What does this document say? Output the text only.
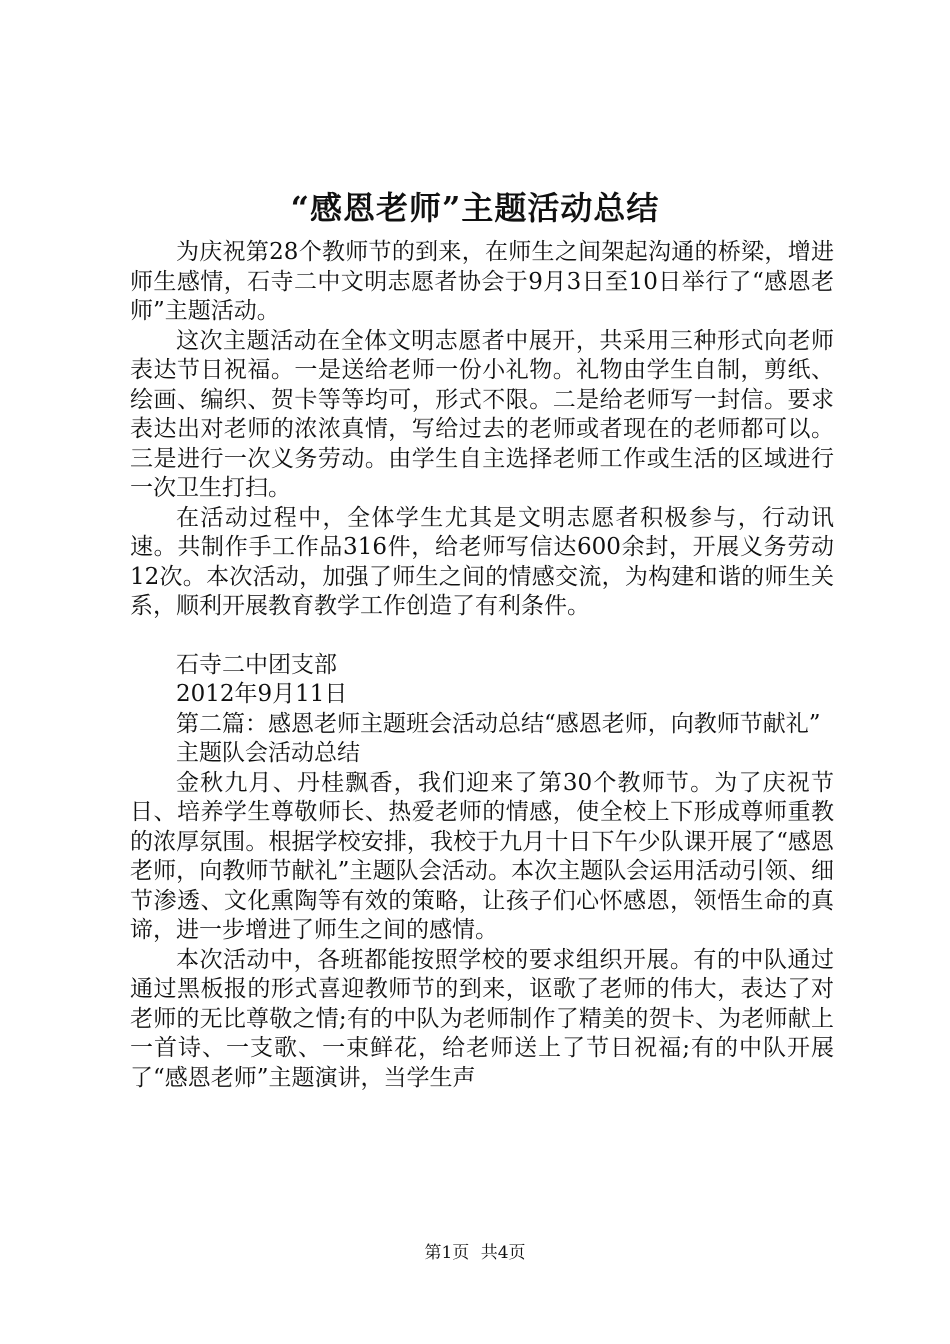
“感恩老师”主题活动总结

为庆祝第28个教师节的到来，在师生之间架起沟通的桥梁，增进师生感情，石寺二中文明志愿者协会于9月3日至10日举行了“感恩老师”主题活动。

这次主题活动在全体文明志愿者中展开，共采用三种形式向老师表达节日祝福。一是送给老师一份小礼物。礼物由学生自制，剪纸、绘画、编织、贺卡等等均可，形式不限。二是给老师写一封信。要求表达出对老师的浓浓真情，写给过去的老师或者现在的老师都可以。三是进行一次义务劳动。由学生自主选择老师工作或生活的区域进行一次卫生打扫。

在活动过程中，全体学生尤其是文明志愿者积极参与，行动讯速。共制作手工作品316件，给老师写信达600余封，开展义务劳动12次。本次活动，加强了师生之间的情感交流，为构建和谐的师生关系，顺利开展教育教学工作创造了有利条件。

石寺二中团支部

2012年9月11日

第二篇：感恩老师主题班会活动总结“感恩老师，向教师节献礼”

主题队会活动总结

金秋九月、丹桂飘香，我们迎来了第30个教师节。为了庆祝节日、培养学生尊敬师长、热爱老师的情感，使全校上下形成尊师重教的浓厚氛围。根据学校安排，我校于九月十日下午少队课开展了“感恩老师，向教师节献礼”主题队会活动。本次主题队会运用活动引领、细节渗透、文化熏陶等有效的策略，让孩子们心怀感恩，领悟生命的真谛，进一步增进了师生之间的感情。

本次活动中，各班都能按照学校的要求组织开展。有的中队通过通过黑板报的形式喜迎教师节的到来，讴歌了老师的伟大，表达了对老师的无比尊敬之情;有的中队为老师制作了精美的贺卡、为老师献上一首诗、一支歌、一束鲜花，给老师送上了节日祝福;有的中队开展了“感恩老师”主题演讲，当学生声

第1页 共4页
